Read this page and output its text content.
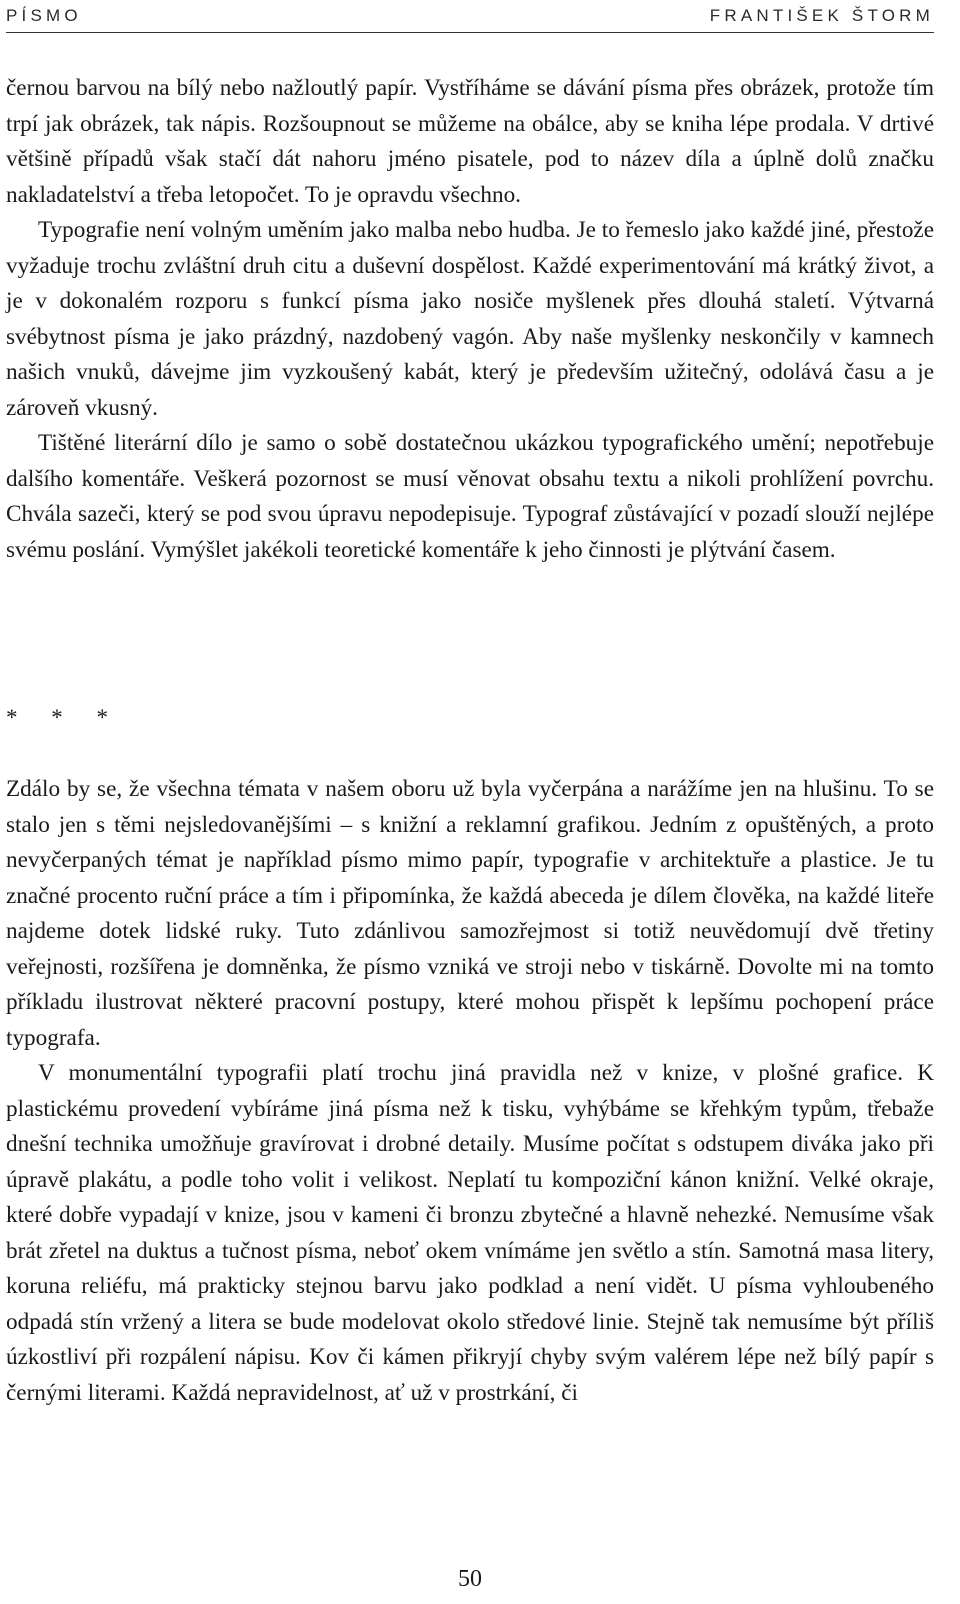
PÍSMO	FRANTIŠEK ŠTORM

černou barvou na bílý nebo nažloutlý papír. Vystříháme se dávání písma přes obrázek, protože tím trpí jak obrázek, tak nápis. Rozšoupnout se můžeme na obálce, aby se kniha lépe prodala. V drtivé většině případů však stačí dát nahoru jméno pisatele, pod to název díla a úplně dolů značku nakladatelství a třeba letopočet. To je opravdu všechno.

Typografie není volným uměním jako malba nebo hudba. Je to řemeslo jako každé jiné, přestože vyžaduje trochu zvláštní druh citu a duševní dospělost. Každé experimentování má krátký život, a je v dokonalém rozporu s funkcí písma jako nosiče myšlenek přes dlouhá staletí. Výtvarná svébytnost písma je jako prázdný, nazdobený vagón. Aby naše myšlenky neskončily v kamnech našich vnuků, dávejme jim vyzkoušený kabát, který je především užitečný, odolává času a je zároveň vkusný.

Tištěné literární dílo je samo o sobě dostatečnou ukázkou typografického umění; nepotřebuje dalšího komentáře. Veškerá pozornost se musí věnovat obsahu textu a nikoli prohlížení povrchu. Chvála sazeči, který se pod svou úpravu nepodepisuje. Typograf zůstávající v pozadí slouží nejlépe svému poslání. Vymýšlet jakékoli teoretické komentáře k jeho činnosti je plýtvání časem.

* * *

Zdálo by se, že všechna témata v našem oboru už byla vyčerpána a narážíme jen na hlušinu. To se stalo jen s těmi nejsledovanějšími – s knižní a reklamní grafikou. Jedním z opuštěných, a proto nevyčerpaných témat je například písmo mimo papír, typografie v architektuře a plastice. Je tu značné procento ruční práce a tím i připomínka, že každá abeceda je dílem člověka, na každé liteře najdeme dotek lidské ruky. Tuto zdánlivou samozřejmost si totiž neuvědomují dvě třetiny veřejnosti, rozšířena je domněnka, že písmo vzniká ve stroji nebo v tiskárně. Dovolte mi na tomto příkladu ilustrovat některé pracovní postupy, které mohou přispět k lepšímu pochopení práce typografa.

V monumentální typografii platí trochu jiná pravidla než v knize, v plošné grafice. K plastickému provedení vybíráme jiná písma než k tisku, vyhýbáme se křehkým typům, třebaže dnešní technika umožňuje gravírovat i drobné detaily. Musíme počítat s odstupem diváka jako při úpravě plakátu, a podle toho volit i velikost. Neplatí tu kompoziční kánon knižní. Velké okraje, které dobře vypadají v knize, jsou v kameni či bronzu zbytečné a hlavně nehezké. Nemusíme však brát zřetel na duktus a tučnost písma, neboť okem vnímáme jen světlo a stín. Samotná masa litery, koruna reliéfu, má prakticky stejnou barvu jako podklad a není vidět. U písma vyhloubeného odpadá stín vržený a litera se bude modelovat okolo středové linie. Stejně tak nemusíme být příliš úzkostliví při rozpálení nápisu. Kov či kámen přikryjí chyby svým valérem lépe než bílý papír s černými literami. Každá nepravidelnost, ať už v prostrkání, či

50
